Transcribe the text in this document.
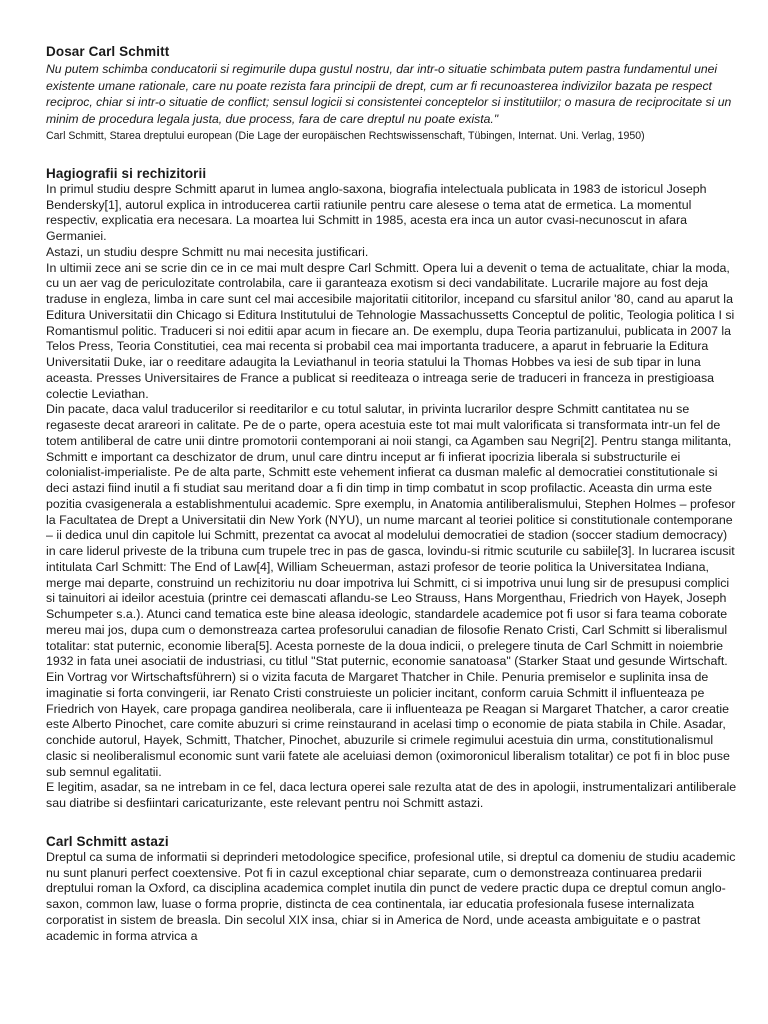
Dosar Carl Schmitt

Nu putem schimba conducatorii si regimurile dupa gustul nostru, dar intr-o situatie schimbata putem pastra fundamentul unei existente umane rationale, care nu poate rezista fara principii de drept, cum ar fi recunoasterea indivizilor bazata pe respect reciproc, chiar si intr-o situatie de conflict; sensul logicii si consistentei conceptelor si institutiilor; o masura de reciprocitate si un minim de procedura legala justa, due process, fara de care dreptul nu poate exista."

Carl Schmitt, Starea dreptului european (Die Lage der europäischen Rechtswissenschaft, Tübingen, Internat. Uni. Verlag, 1950)

Hagiografii si rechizitorii

In primul studiu despre Schmitt aparut in lumea anglo-saxona, biografia intelectuala publicata in 1983 de istoricul Joseph Bendersky[1], autorul explica in introducerea cartii ratiunile pentru care alesese o tema atat de ermetica. La momentul respectiv, explicatia era necesara. La moartea lui Schmitt in 1985, acesta era inca un autor cvasi-necunoscut in afara Germaniei.

Astazi, un studiu despre Schmitt nu mai necesita justificari.

In ultimii zece ani se scrie din ce in ce mai mult despre Carl Schmitt. Opera lui a devenit o tema de actualitate, chiar la moda, cu un aer vag de periculozitate controlabila, care ii garanteaza exotism si deci vandabilitate. Lucrarile majore au fost deja traduse in engleza, limba in care sunt cel mai accesibile majoritatii cititorilor, incepand cu sfarsitul anilor '80, cand au aparut la Editura Universitatii din Chicago si Editura Institutului de Tehnologie Massachussetts Conceptul de politic, Teologia politica I si Romantismul politic. Traduceri si noi editii apar acum in fiecare an. De exemplu, dupa Teoria partizanului, publicata in 2007 la Telos Press, Teoria Constitutiei, cea mai recenta si probabil cea mai importanta traducere, a aparut in februarie la Editura Universitatii Duke, iar o reeditare adaugita la Leviathanul in teoria statului la Thomas Hobbes va iesi de sub tipar in luna aceasta. Presses Universitaires de France a publicat si reediteaza o intreaga serie de traduceri in franceza in prestigioasa colectie Leviathan.

Din pacate, daca valul traducerilor si reeditarilor e cu totul salutar, in privinta lucrarilor despre Schmitt cantitatea nu se regaseste decat arareori in calitate. Pe de o parte, opera acestuia este tot mai mult valorificata si transformata intr-un fel de totem antiliberal de catre unii dintre promotorii contemporani ai noii stangi, ca Agamben sau Negri[2]. Pentru stanga militanta, Schmitt e important ca deschizator de drum, unul care dintru inceput ar fi infierat ipocrizia liberala si substructurile ei colonialist-imperialiste. Pe de alta parte, Schmitt este vehement infierat ca dusman malefic al democratiei constitutionale si deci astazi fiind inutil a fi studiat sau meritand doar a fi din timp in timp combatut in scop profilactic. Aceasta din urma este pozitia cvasigenerala a establishmentului academic. Spre exemplu, in Anatomia antiliberalismului, Stephen Holmes – profesor la Facultatea de Drept a Universitatii din New York (NYU), un nume marcant al teoriei politice si constitutionale contemporane – ii dedica unul din capitole lui Schmitt, prezentat ca avocat al modelului democratiei de stadion (soccer stadium democracy) in care liderul priveste de la tribuna cum trupele trec in pas de gasca, lovindu-si ritmic scuturile cu sabiile[3]. In lucrarea iscusit intitulata Carl Schmitt: The End of Law[4], William Scheuerman, astazi profesor de teorie politica la Universitatea Indiana, merge mai departe, construind un rechizitoriu nu doar impotriva lui Schmitt, ci si impotriva unui lung sir de presupusi complici si tainuitori ai ideilor acestuia (printre cei demascati aflandu-se Leo Strauss, Hans Morgenthau, Friedrich von Hayek, Joseph Schumpeter s.a.). Atunci cand tematica este bine aleasa ideologic, standardele academice pot fi usor si fara teama coborate mereu mai jos, dupa cum o demonstreaza cartea profesorului canadian de filosofie Renato Cristi, Carl Schmitt si liberalismul totalitar: stat puternic, economie libera[5]. Acesta porneste de la doua indicii, o prelegere tinuta de Carl Schmitt in noiembrie 1932 in fata unei asociatii de industriasi, cu titlul "Stat puternic, economie sanatoasa" (Starker Staat und gesunde Wirtschaft. Ein Vortrag vor Wirtschaftsführern) si o vizita facuta de Margaret Thatcher in Chile. Penuria premiselor e suplinita insa de imaginatie si forta convingerii, iar Renato Cristi construieste un policier incitant, conform caruia Schmitt il influenteaza pe Friedrich von Hayek, care propaga gandirea neoliberala, care ii influenteaza pe Reagan si Margaret Thatcher, a caror creatie este Alberto Pinochet, care comite abuzuri si crime reinstaurand in acelasi timp o economie de piata stabila in Chile. Asadar, conchide autorul, Hayek, Schmitt, Thatcher, Pinochet, abuzurile si crimele regimului acestuia din urma, constitutionalismul clasic si neoliberalismul economic sunt varii fatete ale aceluiasi demon (oximoronicul liberalism totalitar) ce pot fi in bloc puse sub semnul egalitatii.

E legitim, asadar, sa ne intrebam in ce fel, daca lectura operei sale rezulta atat de des in apologii, instrumentalizari antiliberale sau diatribe si desfiintari caricaturizante, este relevant pentru noi Schmitt astazi.

Carl Schmitt astazi

Dreptul ca suma de informatii si deprinderi metodologice specifice, profesional utile, si dreptul ca domeniu de studiu academic nu sunt planuri perfect coextensive. Pot fi in cazul exceptional chiar separate, cum o demonstreaza continuarea predarii dreptului roman la Oxford, ca disciplina academica complet inutila din punct de vedere practic dupa ce dreptul comun anglo-saxon, common law, luase o forma proprie, distincta de cea continentala, iar educatia profesionala fusese internalizata corporatist in sistem de breasla. Din secolul XIX insa, chiar si in America de Nord, unde aceasta ambiguitate e o pastrat academic in forma atrvica a
